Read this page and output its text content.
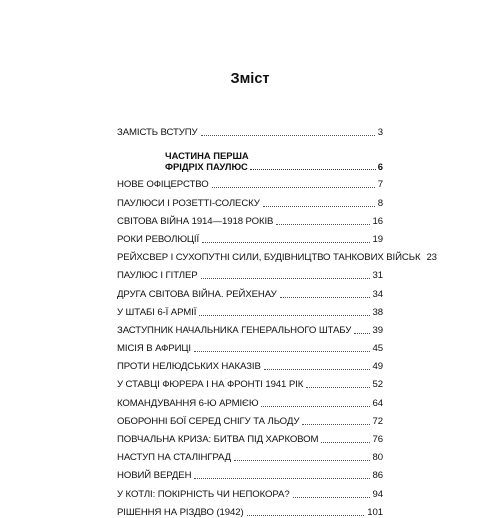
Зміст
ЗАМІСТЬ ВСТУПУ	3
ЧАСТИНА ПЕРША
ФРІДРІХ ПАУЛЮС	6
НОВЕ ОФІЦЕРСТВО	7
ПАУЛЮСИ І РОЗЕТТІ-СОЛЕСКУ	8
СВІТОВА ВІЙНА 1914—1918 РОКІВ	16
РОКИ РЕВОЛЮЦІЇ	19
РЕЙХСВЕР І СУХОПУТНІ СИЛИ, БУДІВНИЦТВО ТАНКОВИХ ВІЙСЬК 23
ПАУЛЮС І ГІТЛЕР	31
ДРУГА СВІТОВА ВІЙНА. РЕЙХЕНАУ	34
У ШТАБІ 6-Ї АРМІЇ	38
ЗАСТУПНИК НАЧАЛЬНИКА ГЕНЕРАЛЬНОГО ШТАБУ 39
МІСІЯ В АФРИЦІ	45
ПРОТИ НЕЛЮДСЬКИХ НАКАЗІВ	49
У СТАВЦІ ФЮРЕРА І НА ФРОНТІ 1941 РІК	52
КОМАНДУВАННЯ 6-Ю АРМІЄЮ	64
ОБОРОННІ БОЇ СЕРЕД СНІГУ ТА ЛЬОДУ	72
ПОВЧАЛЬНА КРИЗА: БИТВА ПІД ХАРКОВОМ	76
НАСТУП НА СТАЛІНГРАД	80
НОВИЙ ВЕРДЕН	86
У КОТЛІ: ПОКІРНІСТЬ ЧИ НЕПОКОРА?	94
РІШЕННЯ НА РІЗДВО (1942)	101
